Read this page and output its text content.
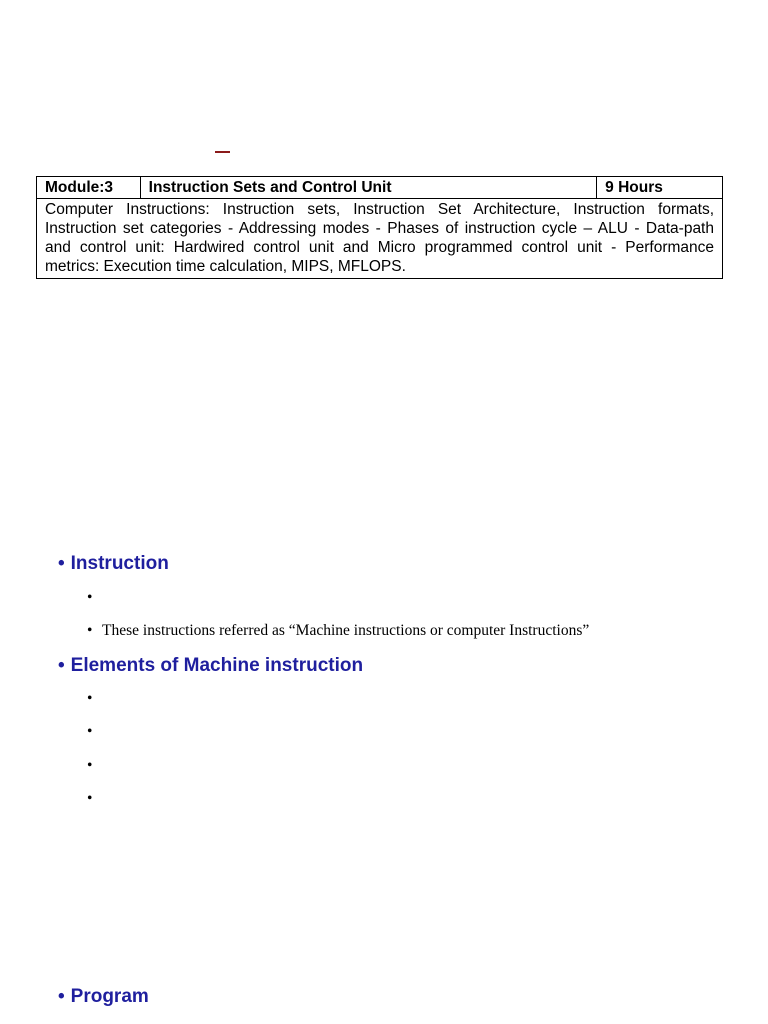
Module:3	Instruction Sets and Control Unit	9 Hours
Computer Instructions: Instruction sets, Instruction Set Architecture, Instruction formats, Instruction set categories - Addressing modes - Phases of instruction cycle – ALU - Data-path and control unit: Hardwired control unit and Micro programmed control unit - Performance metrics: Execution time calculation, MIPS, MFLOPS.
• Instruction
•
• These instructions referred as “Machine instructions or computer Instructions”
• Elements of Machine instruction
•
•
•
•
• Program
